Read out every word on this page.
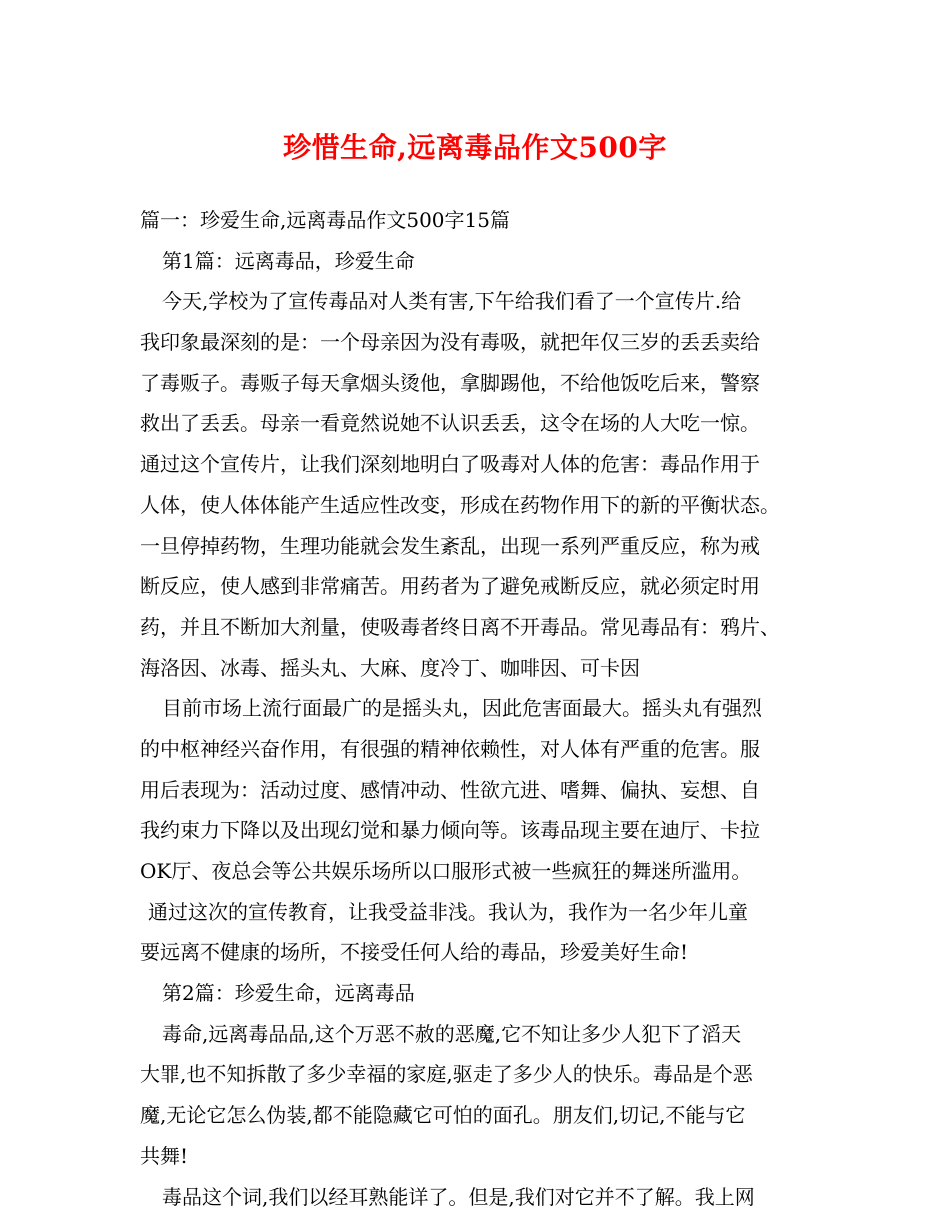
珍惜生命,远离毒品作文500字
篇一：珍爱生命,远离毒品作文500字15篇
第1篇：远离毒品，珍爱生命
今天,学校为了宣传毒品对人类有害,下午给我们看了一个宣传片.给
我印象最深刻的是：一个母亲因为没有毒吸，就把年仅三岁的丢丢卖给
了毒贩子。毒贩子每天拿烟头烫他，拿脚踢他，不给他饭吃后来，警察
救出了丢丢。母亲一看竟然说她不认识丢丢，这令在场的人大吃一惊。
通过这个宣传片，让我们深刻地明白了吸毒对人体的危害：毒品作用于
人体，使人体体能产生适应性改变，形成在药物作用下的新的平衡状态。
一旦停掉药物，生理功能就会发生紊乱，出现一系列严重反应，称为戒
断反应，使人感到非常痛苦。用药者为了避免戒断反应，就必须定时用
药，并且不断加大剂量，使吸毒者终日离不开毒品。常见毒品有：鸦片、
海洛因、冰毒、摇头丸、大麻、度冷丁、咖啡因、可卡因
目前市场上流行面最广的是摇头丸，因此危害面最大。摇头丸有强烈
的中枢神经兴奋作用，有很强的精神依赖性，对人体有严重的危害。服
用后表现为：活动过度、感情冲动、性欲亢进、嗜舞、偏执、妄想、自
我约束力下降以及出现幻觉和暴力倾向等。该毒品现主要在迪厅、卡拉
OK厅、夜总会等公共娱乐场所以口服形式被一些疯狂的舞迷所滥用。
通过这次的宣传教育，让我受益非浅。我认为，我作为一名少年儿童
要远离不健康的场所，不接受任何人给的毒品，珍爱美好生命!
第2篇：珍爱生命，远离毒品
毒命,远离毒品品,这个万恶不赦的恶魔,它不知让多少人犯下了滔天
大罪,也不知拆散了多少幸福的家庭,驱走了多少人的快乐。毒品是个恶
魔,无论它怎么伪装,都不能隐藏它可怕的面孔。朋友们,切记,不能与它
共舞!
毒品这个词,我们以经耳熟能详了。但是,我们对它并不了解。我上网
